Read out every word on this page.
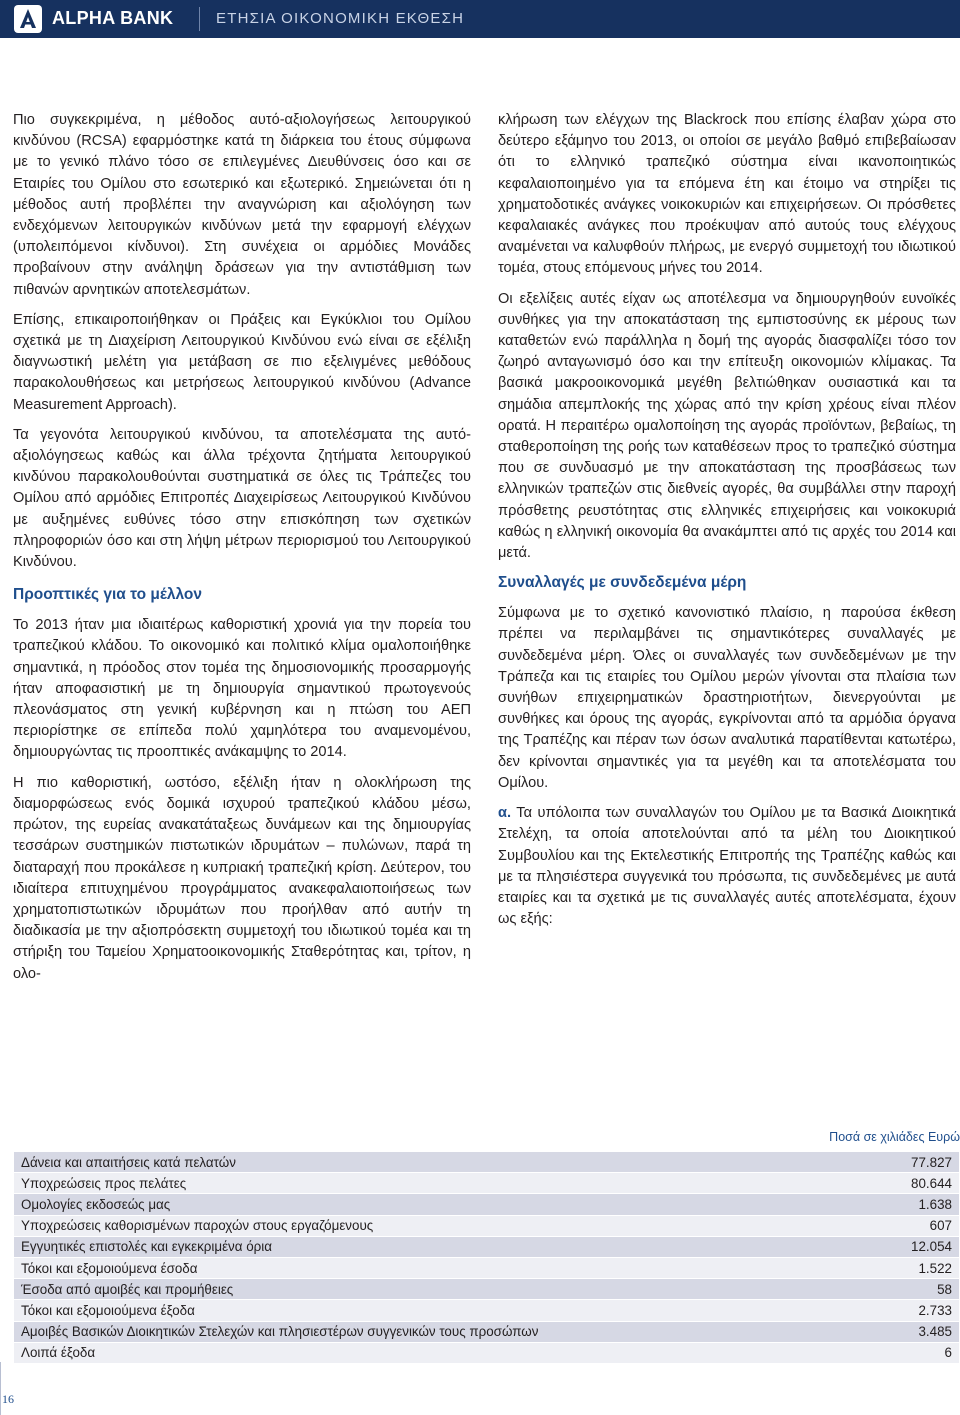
ALPHA BANK	ΕΤΗΣΙΑ ΟΙΚΟΝΟΜΙΚΗ ΕΚΘΕΣΗ

Πιο συγκεκριμένα, η μέθοδος αυτό-αξιολογήσεως λειτουργικού κινδύνου (RCSA) εφαρμόστηκε κατά τη διάρκεια του έτους σύμφωνα με το γενικό πλάνο τόσο σε επιλεγμένες Διευθύνσεις όσο και σε Εταιρίες του Ομίλου στο εσωτερικό και εξωτερικό. Σημειώνεται ότι η μέθοδος αυτή προβλέπει την αναγνώριση και αξιολόγηση των ενδεχόμενων λειτουργικών κινδύνων μετά την εφαρμογή ελέγχων (υπολειπόμενοι κίνδυνοι). Στη συνέχεια οι αρμόδιες Μονάδες προβαίνουν στην ανάληψη δράσεων για την αντιστάθμιση των πιθανών αρνητικών αποτελεσμάτων.

Επίσης, επικαιροποιήθηκαν οι Πράξεις και Εγκύκλιοι του Ομίλου σχετικά με τη Διαχείριση Λειτουργικού Κινδύνου ενώ είναι σε εξέλιξη διαγνωστική μελέτη για μετάβαση σε πιο εξελιγμένες μεθόδους παρακολουθήσεως και μετρήσεως λειτουργικού κινδύνου (Advance Measurement Approach).

Τα γεγονότα λειτουργικού κινδύνου, τα αποτελέσματα της αυτό-αξιολόγησεως καθώς και άλλα τρέχοντα ζητήματα λειτουργικού κινδύνου παρακολουθούνται συστηματικά σε όλες τις Τράπεζες του Ομίλου από αρμόδιες Επιτροπές Διαχειρίσεως Λειτουργικού Κινδύνου με αυξημένες ευθύνες τόσο στην επισκόπηση των σχετικών πληροφοριών όσο και στη λήψη μέτρων περιορισμού του Λειτουργικού Κινδύνου.

Προοπτικές για το μέλλον

Το 2013 ήταν μια ιδιαιτέρως καθοριστική χρονιά για την πορεία του τραπεζικού κλάδου. Το οικονομικό και πολιτικό κλίμα ομαλοποιήθηκε σημαντικά, η πρόοδος στον τομέα της δημοσιονομικής προσαρμογής ήταν αποφασιστική με τη δημιουργία σημαντικού πρωτογενούς πλεονάσματος στη γενική κυβέρνηση και η πτώση του ΑΕΠ περιορίστηκε σε επίπεδα πολύ χαμηλότερα του αναμενομένου, δημιουργώντας τις προοπτικές ανάκαμψης το 2014.

Η πιο καθοριστική, ωστόσο, εξέλιξη ήταν η ολοκλήρωση της διαμορφώσεως ενός δομικά ισχυρού τραπεζικού κλάδου μέσω, πρώτον, της ευρείας ανακατάταξεως δυνάμεων και της δημιουργίας τεσσάρων συστημικών πιστωτικών ιδρυμάτων – πυλώνων, παρά τη διαταραχή που προκάλεσε η κυπριακή τραπεζική κρίση. Δεύτερον, του ιδιαίτερα επιτυχημένου προγράμματος ανακεφαλαιοποιήσεως των χρηματοπιστωτικών ιδρυμάτων που προήλθαν από αυτήν τη διαδικασία με την αξιοπρόσεκτη συμμετοχή του ιδιωτικού τομέα και τη στήριξη του Ταμείου Χρηματοοικονομικής Σταθερότητας και, τρίτον, η ολο-

κλήρωση των ελέγχων της Blackrock που επίσης έλαβαν χώρα στο δεύτερο εξάμηνο του 2013, οι οποίοι σε μεγάλο βαθμό επιβεβαίωσαν ότι το ελληνικό τραπεζικό σύστημα είναι ικανοποιητικώς κεφαλαιοποιημένο για τα επόμενα έτη και έτοιμο να στηρίξει τις χρηματοδοτικές ανάγκες νοικοκυριών και επιχειρήσεων. Οι πρόσθετες κεφαλαιακές ανάγκες που προέκυψαν από αυτούς τους ελέγχους αναμένεται να καλυφθούν πλήρως, με ενεργό συμμετοχή του ιδιωτικού τομέα, στους επόμενους μήνες του 2014.

Οι εξελίξεις αυτές είχαν ως αποτέλεσμα να δημιουργηθούν ευνοϊκές συνθήκες για την αποκατάσταση της εμπιστοσύνης εκ μέρους των καταθετών ενώ παράλληλα η δομή της αγοράς διασφαλίζει τόσο τον ζωηρό ανταγωνισμό όσο και την επίτευξη οικονομιών κλίμακας. Τα βασικά μακροοικονομικά μεγέθη βελτιώθηκαν ουσιαστικά και τα σημάδια απεμπλοκής της χώρας από την κρίση χρέους είναι πλέον ορατά. Η περαιτέρω ομαλοποίηση της αγοράς προϊόντων, βεβαίως, τη σταθεροποίηση της ροής των καταθέσεων προς το τραπεζικό σύστημα που σε συνδυασμό με την αποκατάσταση της προσβάσεως των ελληνικών τραπεζών στις διεθνείς αγορές, θα συμβάλλει στην παροχή πρόσθετης ρευστότητας στις ελληνικές επιχειρήσεις και νοικοκυριά καθώς η ελληνική οικονομία θα ανακάμπτει από τις αρχές του 2014 και μετά.

Συναλλαγές με συνδεδεμένα μέρη

Σύμφωνα με το σχετικό κανονιστικό πλαίσιο, η παρούσα έκθεση πρέπει να περιλαμβάνει τις σημαντικότερες συναλλαγές με συνδεδεμένα μέρη. Όλες οι συναλλαγές των συνδεδεμένων με την Τράπεζα και τις εταιρίες του Ομίλου μερών γίνονται στα πλαίσια των συνήθων επιχειρηματικών δραστηριοτήτων, διενεργούνται με συνθήκες και όρους της αγοράς, εγκρίνονται από τα αρμόδια όργανα της Τραπέζης και πέραν των όσων αναλυτικά παρατίθενται κατωτέρω, δεν κρίνονται σημαντικές για τα μεγέθη και τα αποτελέσματα του Ομίλου.

α. Τα υπόλοιπα των συναλλαγών του Ομίλου με τα Βασικά Διοικητικά Στελέχη, τα οποία αποτελούνται από τα μέλη του Διοικητικού Συμβουλίου και της Εκτελεστικής Επιτροπής της Τραπέζης καθώς και με τα πλησιέστερα συγγενικά του πρόσωπα, τις συνδεδεμένες με αυτά εταιρίες και τα σχετικά με τις συναλλαγές αυτές αποτελέσματα, έχουν ως εξής:

Ποσά σε χιλιάδες Ευρώ
Δάνεια και απαιτήσεις κατά πελατών	77.827
Υποχρεώσεις προς πελάτες	80.644
Ομολογίες εκδοσεώς μας	1.638
Υποχρεώσεις καθορισμένων παροχών στους εργαζόμενους	607
Εγγυητικές επιστολές και εγκεκριμένα όρια	12.054
Τόκοι και εξομοιούμενα έσοδα	1.522
Έσοδα από αμοιβές και προμήθειες	58
Τόκοι και εξομοιούμενα έξοδα	2.733
Αμοιβές Βασικών Διοικητικών Στελεχών και πλησιεστέρων συγγενικών τους προσώπων	3.485
Λοιπά έξοδα	6
16
